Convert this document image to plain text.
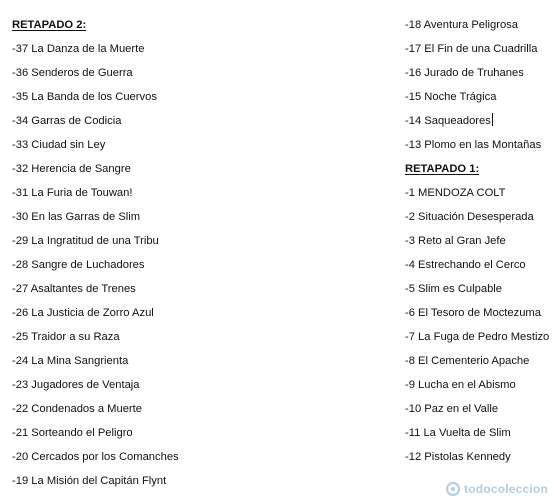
RETAPADO 2:
-37 La Danza de la Muerte
-36 Senderos de Guerra
-35 La Banda de los Cuervos
-34 Garras de Codicia
-33 Ciudad sin Ley
-32 Herencia de Sangre
-31 La Furia de Touwan!
-30 En las Garras de Slim
-29 La Ingratitud de una Tribu
-28 Sangre de Luchadores
-27 Asaltantes de Trenes
-26 La Justicia de Zorro Azul
-25 Traidor a su Raza
-24 La Mina Sangrienta
-23 Jugadores de Ventaja
-22 Condenados a Muerte
-21 Sorteando el Peligro
-20 Cercados por los Comanches
-19 La Misión del Capitán Flynt
-18 Aventura Peligrosa
-17 El Fin de una Cuadrilla
-16 Jurado de Truhanes
-15 Noche Trágica
-14 Saqueadores
-13 Plomo en las Montañas
RETAPADO 1:
-1 MENDOZA COLT
-2 Situación Desesperada
-3 Reto al Gran Jefe
-4 Estrechando el Cerco
-5 Slim es Culpable
-6 El Tesoro de Moctezuma
-7 La Fuga de Pedro Mestizo
-8 El Cementerio Apache
-9 Lucha en el Abismo
-10 Paz en el Valle
-11 La Vuelta de Slim
-12 Pistolas Kennedy
todocoleccion
